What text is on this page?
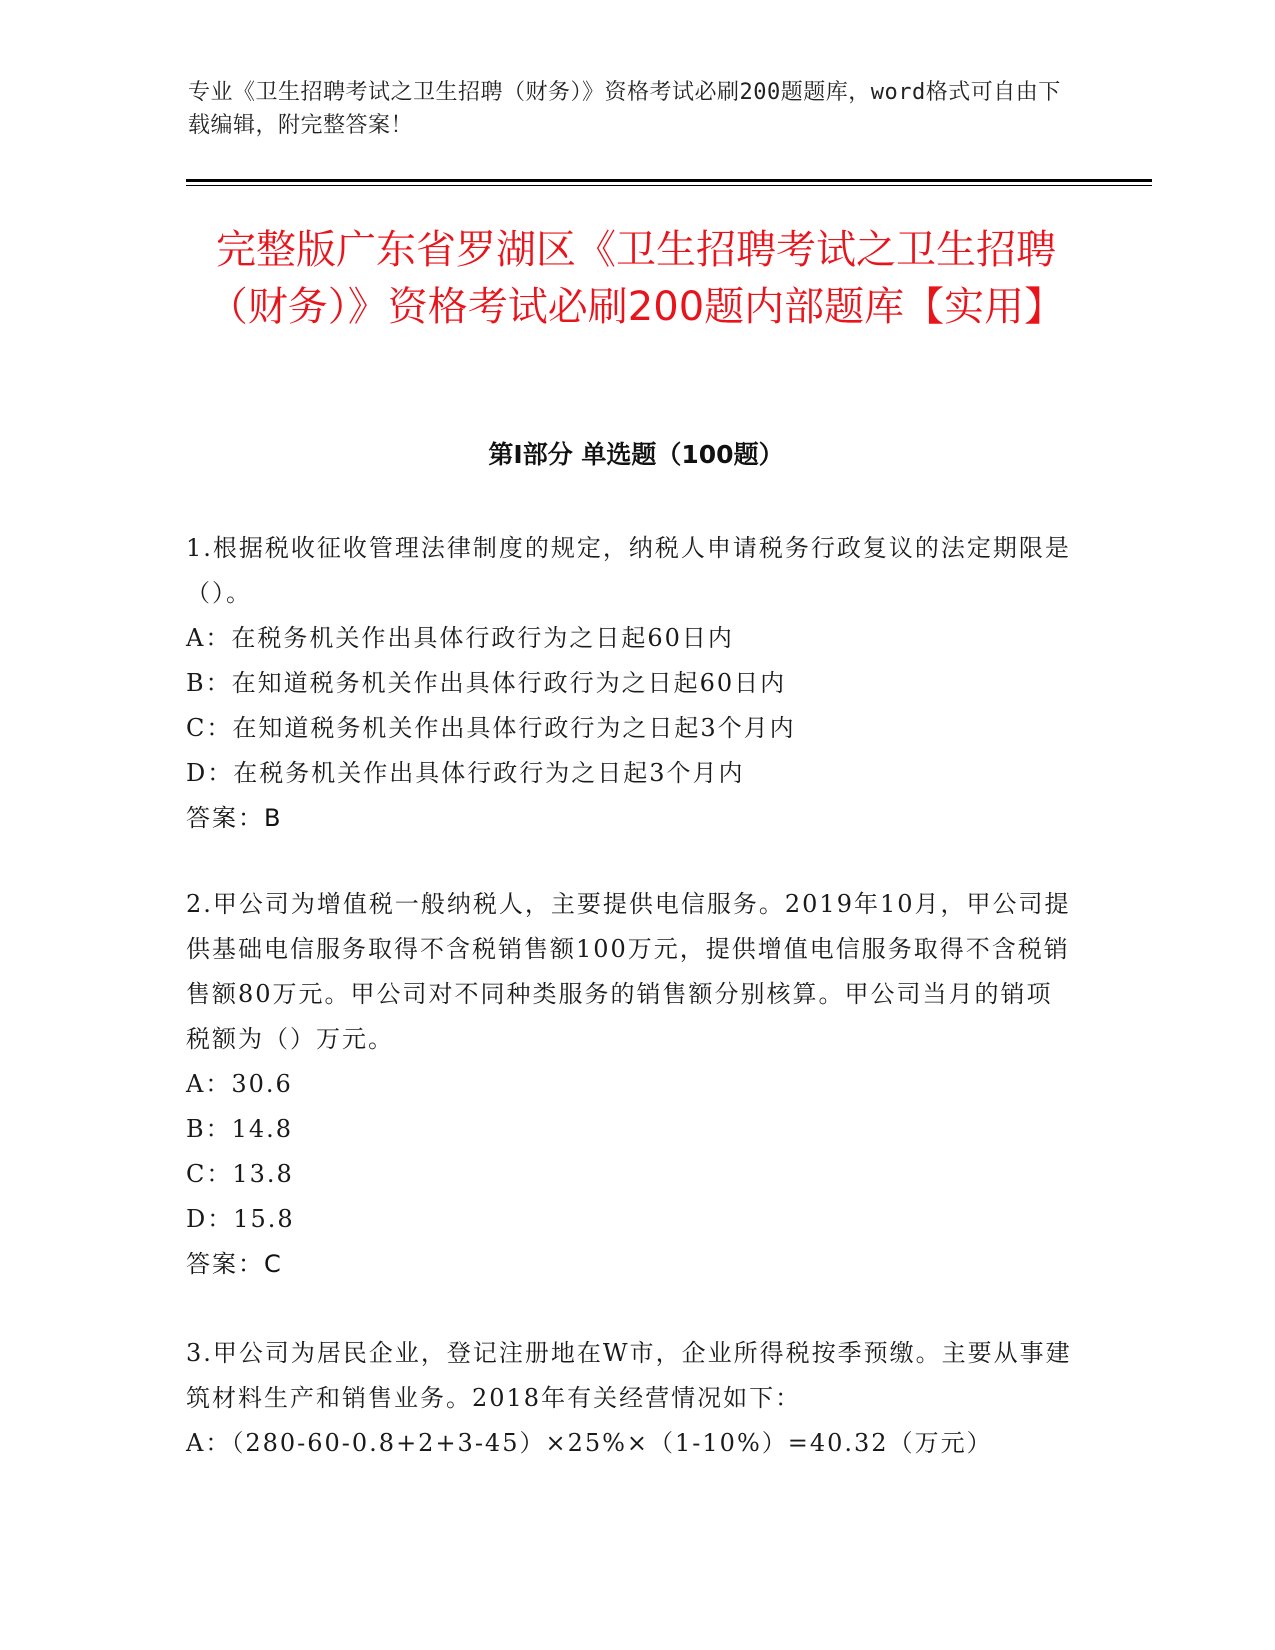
专业《卫生招聘考试之卫生招聘（财务）》资格考试必刷200题题库，word格式可自由下载编辑，附完整答案！
完整版广东省罗湖区《卫生招聘考试之卫生招聘（财务）》资格考试必刷200题内部题库【实用】
第I部分 单选题（100题）

1.根据税收征收管理法律制度的规定，纳税人申请税务行政复议的法定期限是（）。

A：在税务机关作出具体行政行为之日起60日内

B：在知道税务机关作出具体行政行为之日起60日内

C：在知道税务机关作出具体行政行为之日起3个月内

D：在税务机关作出具体行政行为之日起3个月内

答案：B

2.甲公司为增值税一般纳税人，主要提供电信服务。2019年10月，甲公司提供基础电信服务取得不含税销售额100万元，提供增值电信服务取得不含税销售额80万元。甲公司对不同种类服务的销售额分别核算。甲公司当月的销项税额为（）万元。

A：30.6

B：14.8

C：13.8

D：15.8

答案：C

3.甲公司为居民企业，登记注册地在W市，企业所得税按季预缴。主要从事建筑材料生产和销售业务。2018年有关经营情况如下：

A：（280-60-0.8+2+3-45）×25%×（1-10%）=40.32（万元）
